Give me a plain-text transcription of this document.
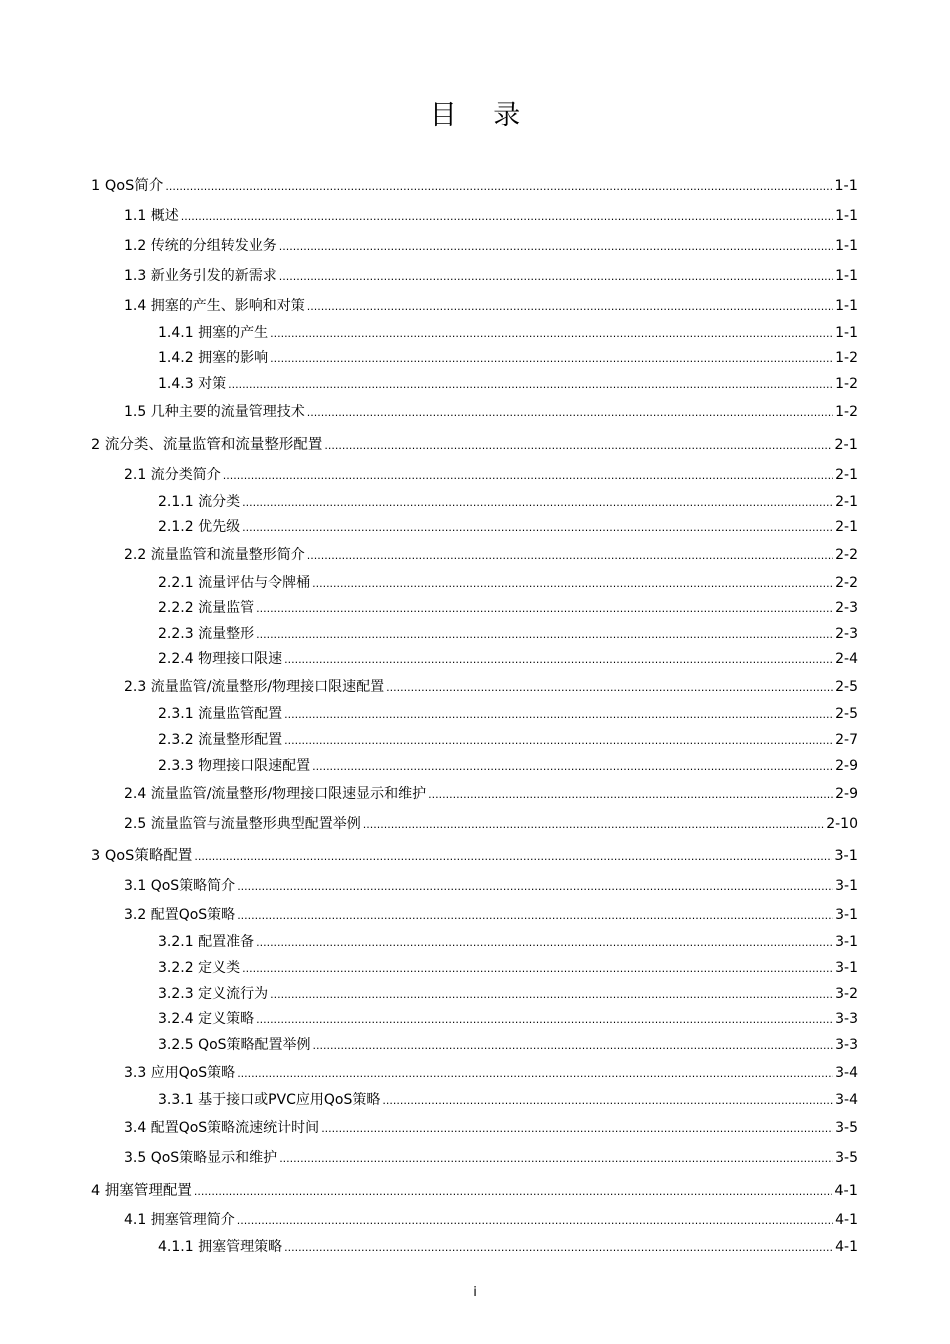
目 录
1 QoS简介 .....	1-1
1.1 概述 .....	1-1
1.2 传统的分组转发业务 .....	1-1
1.3 新业务引发的新需求 .....	1-1
1.4 拥塞的产生、影响和对策 .....	1-1
1.4.1 拥塞的产生 .....	1-1
1.4.2 拥塞的影响 .....	1-2
1.4.3 对策 .....	1-2
1.5 几种主要的流量管理技术 .....	1-2
2 流分类、流量监管和流量整形配置 .....	2-1
2.1 流分类简介 .....	2-1
2.1.1 流分类 .....	2-1
2.1.2 优先级 .....	2-1
2.2 流量监管和流量整形简介 .....	2-2
2.2.1 流量评估与令牌桶 .....	2-2
2.2.2 流量监管 .....	2-3
2.2.3 流量整形 .....	2-3
2.2.4 物理接口限速 .....	2-4
2.3 流量监管/流量整形/物理接口限速配置 .....	2-5
2.3.1 流量监管配置 .....	2-5
2.3.2 流量整形配置 .....	2-7
2.3.3 物理接口限速配置 .....	2-9
2.4 流量监管/流量整形/物理接口限速显示和维护 .....	2-9
2.5 流量监管与流量整形典型配置举例 .....	2-10
3 QoS策略配置 .....	3-1
3.1 QoS策略简介 .....	3-1
3.2 配置QoS策略 .....	3-1
3.2.1 配置准备 .....	3-1
3.2.2 定义类 .....	3-1
3.2.3 定义流行为 .....	3-2
3.2.4 定义策略 .....	3-3
3.2.5 QoS策略配置举例 .....	3-3
3.3 应用QoS策略 .....	3-4
3.3.1 基于接口或PVC应用QoS策略 .....	3-4
3.4 配置QoS策略流速统计时间 .....	3-5
3.5 QoS策略显示和维护 .....	3-5
4 拥塞管理配置 .....	4-1
4.1 拥塞管理简介 .....	4-1
4.1.1 拥塞管理策略 .....	4-1
i
